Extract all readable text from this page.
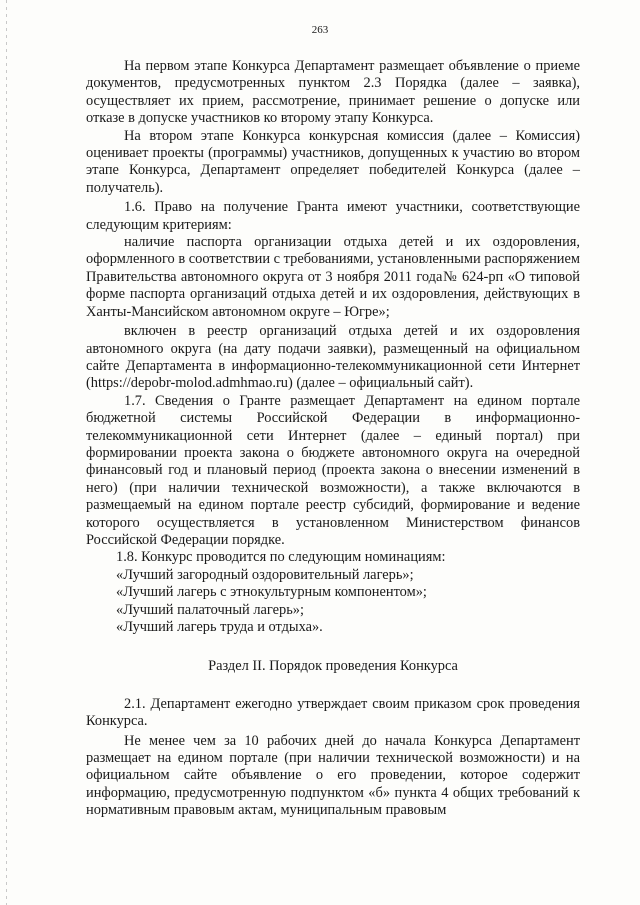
263

На первом этапе Конкурса Департамент размещает объявление о приеме документов, предусмотренных пунктом 2.3 Порядка (далее – заявка), осуществляет их прием, рассмотрение, принимает решение о допуске или отказе в допуске участников ко второму этапу Конкурса.

На втором этапе Конкурса конкурсная комиссия (далее – Комиссия) оценивает проекты (программы) участников, допущенных к участию во втором этапе Конкурса, Департамент определяет победителей Конкурса (далее – получатель).

1.6. Право на получение Гранта имеют участники, соответствующие следующим критериям:

наличие паспорта организации отдыха детей и их оздоровления, оформленного в соответствии с требованиями, установленными распоряжением Правительства автономного округа от 3 ноября 2011 года№ 624-рп «О типовой форме паспорта организаций отдыха детей и их оздоровления, действующих в Ханты-Мансийском автономном округе – Югре»;

включен в реестр организаций отдыха детей и их оздоровления автономного округа (на дату подачи заявки), размещенный на официальном сайте Департамента в информационно-телекоммуникационной сети Интернет (https://depobr-molod.admhmao.ru) (далее – официальный сайт).

1.7. Сведения о Гранте размещает Департамент на едином портале бюджетной системы Российской Федерации в информационно-телекоммуникационной сети Интернет (далее – единый портал) при формировании проекта закона о бюджете автономного округа на очередной финансовый год и плановый период (проекта закона о внесении изменений в него) (при наличии технической возможности), а также включаются в размещаемый на едином портале реестр субсидий, формирование и ведение которого осуществляется в установленном Министерством финансов Российской Федерации порядке.

1.8. Конкурс проводится по следующим номинациям:

«Лучший загородный оздоровительный лагерь»;

«Лучший лагерь с этнокультурным компонентом»;

«Лучший палаточный лагерь»;

«Лучший лагерь труда и отдыха».

Раздел II. Порядок проведения Конкурса

2.1. Департамент ежегодно утверждает своим приказом срок проведения Конкурса.

Не менее чем за 10 рабочих дней до начала Конкурса Департамент размещает на едином портале (при наличии технической возможности) и на официальном сайте объявление о его проведении, которое содержит информацию, предусмотренную подпунктом «б» пункта 4 общих требований к нормативным правовым актам, муниципальным правовым
